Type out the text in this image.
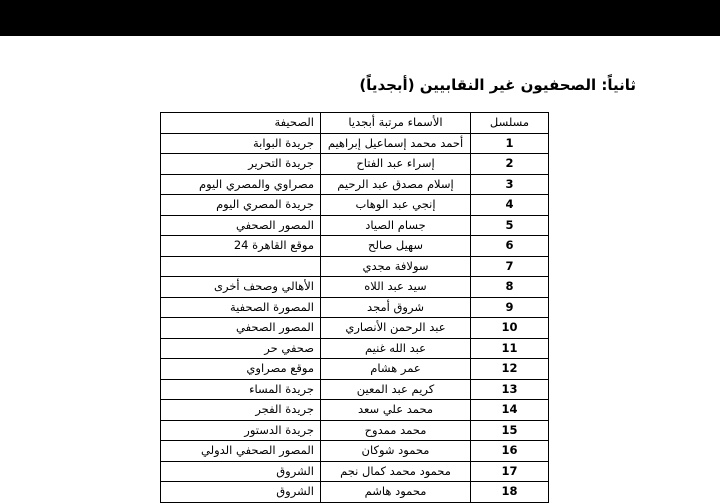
ثانياً: الصحفيون غير النقابيين (أبجدياً)
مسلسل	الأسماء مرتبة أبجديا	الصحيفة
1	أحمد محمد إسماعيل إبراهيم	جريدة البوابة
2	إسراء عبد الفتاح	جريدة التحرير
3	إسلام مصدق عبد الرحيم	مصراوي والمصري اليوم
4	إنجي عبد الوهاب	جريدة المصري اليوم
5	جسام الصياد	المصور الصحفي
6	سهيل صالح	موقع القاهرة 24
7	سولافة مجدي	
8	سيد عبد اللاه	الأهالي وصحف أخرى
9	شروق أمجد	المصورة الصحفية
10	عبد الرحمن الأنصاري	المصور الصحفي
11	عبد الله غنيم	صحفي حر
12	عمر هشام	موقع مصراوي
13	كريم عبد المعين	جريدة المساء
14	محمد علي سعد	جريدة الفجر
15	محمد ممدوح	جريدة الدستور
16	محمود شوكان	المصور الصحفي الدولي
17	محمود محمد كمال نجم	الشروق
18	محمود هاشم	الشروق
